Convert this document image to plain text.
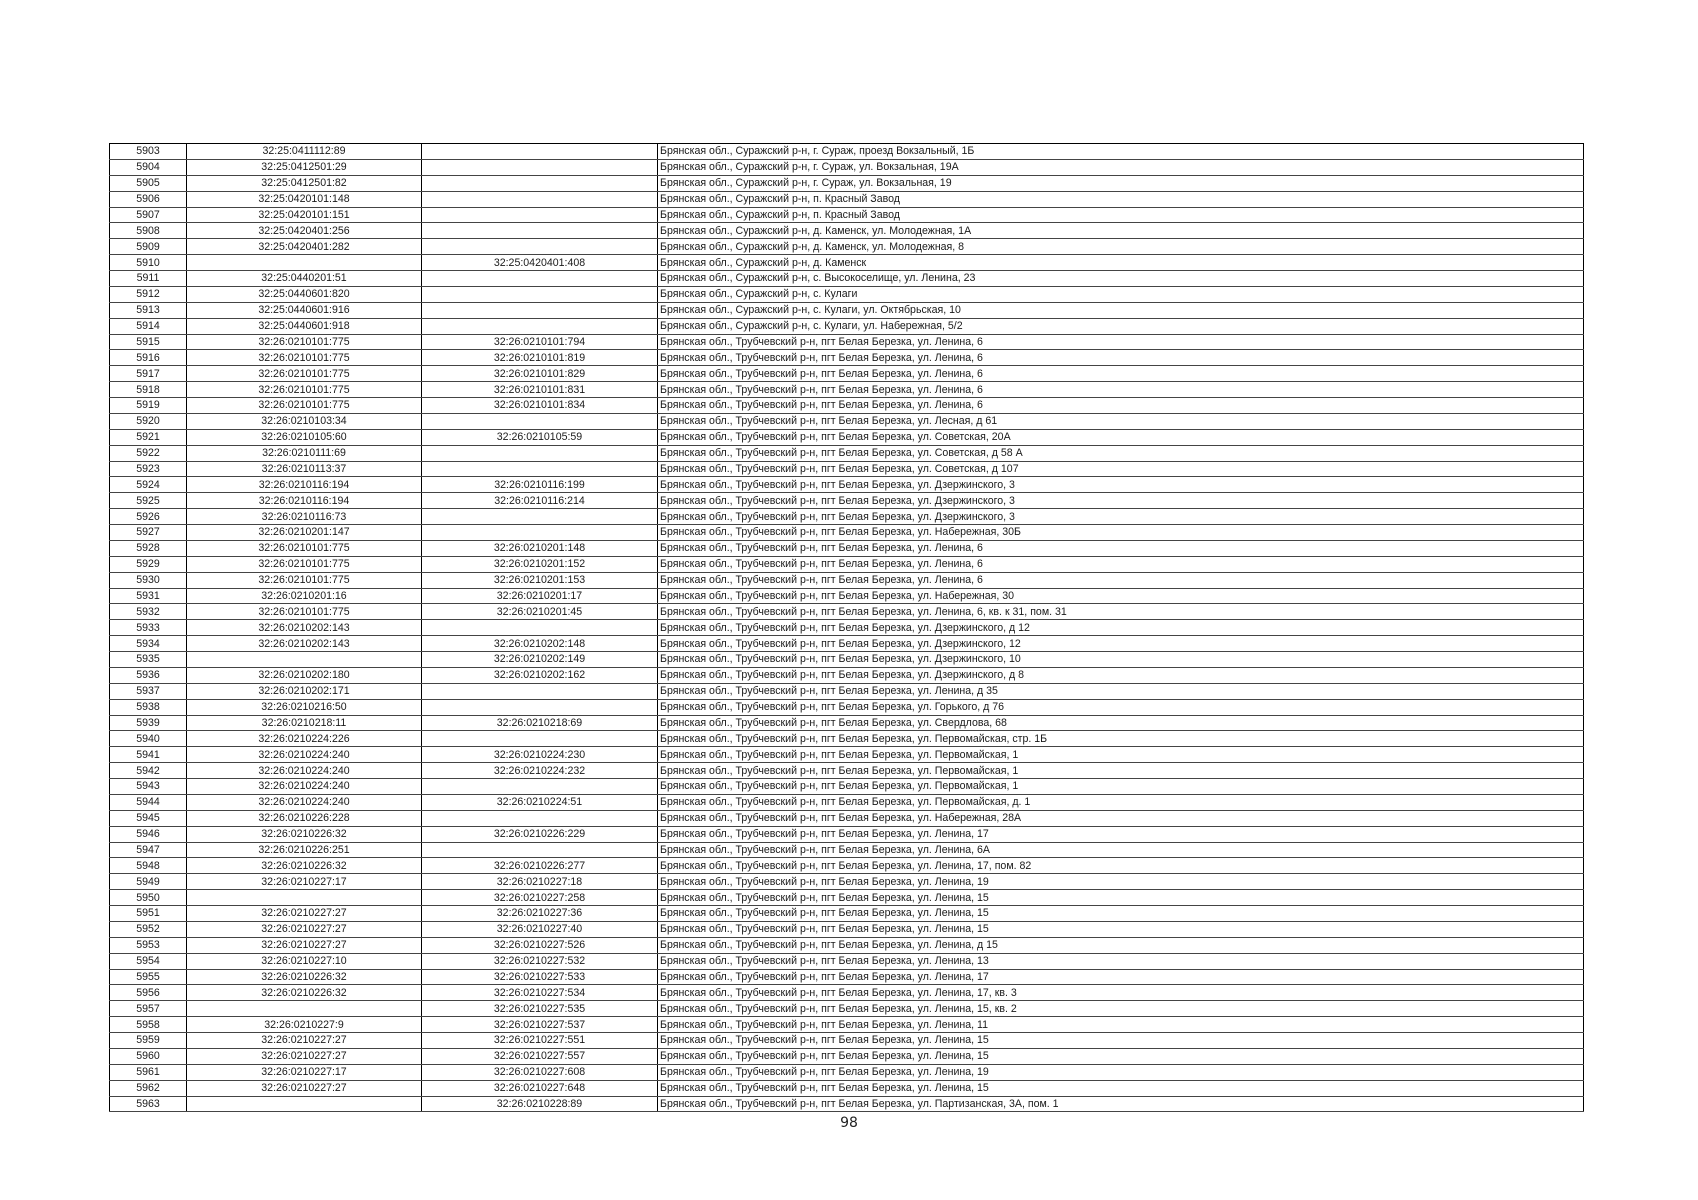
5903	32:25:0411112:89		Брянская обл., Суражский р-н, г. Сураж, проезд Вокзальный, 1Б
5904	32:25:0412501:29		Брянская обл., Суражский р-н, г. Сураж, ул. Вокзальная, 19А
5905	32:25:0412501:82		Брянская обл., Суражский р-н, г. Сураж, ул. Вокзальная, 19
5906	32:25:0420101:148		Брянская обл., Суражский р-н, п. Красный Завод
5907	32:25:0420101:151		Брянская обл., Суражский р-н, п. Красный Завод
5908	32:25:0420401:256		Брянская обл., Суражский р-н, д. Каменск, ул. Молодежная, 1А
5909	32:25:0420401:282		Брянская обл., Суражский р-н, д. Каменск, ул. Молодежная, 8
5910		32:25:0420401:408	Брянская обл., Суражский р-н, д. Каменск
5911	32:25:0440201:51		Брянская обл., Суражский р-н, с. Высокоселище, ул. Ленина, 23
5912	32:25:0440601:820		Брянская обл., Суражский р-н, с. Кулаги
5913	32:25:0440601:916		Брянская обл., Суражский р-н, с. Кулаги, ул. Октябрьская, 10
5914	32:25:0440601:918		Брянская обл., Суражский р-н, с. Кулаги, ул. Набережная, 5/2
5915	32:26:0210101:775	32:26:0210101:794	Брянская обл., Трубчевский р-н, пгт Белая Березка, ул. Ленина, 6
5916	32:26:0210101:775	32:26:0210101:819	Брянская обл., Трубчевский р-н, пгт Белая Березка, ул. Ленина, 6
5917	32:26:0210101:775	32:26:0210101:829	Брянская обл., Трубчевский р-н, пгт Белая Березка, ул. Ленина, 6
5918	32:26:0210101:775	32:26:0210101:831	Брянская обл., Трубчевский р-н, пгт Белая Березка, ул. Ленина, 6
5919	32:26:0210101:775	32:26:0210101:834	Брянская обл., Трубчевский р-н, пгт Белая Березка, ул. Ленина, 6
5920	32:26:0210103:34		Брянская обл., Трубчевский р-н, пгт Белая Березка, ул. Лесная, д 61
5921	32:26:0210105:60	32:26:0210105:59	Брянская обл., Трубчевский р-н, пгт Белая Березка, ул. Советская, 20А
5922	32:26:0210111:69		Брянская обл., Трубчевский р-н, пгт Белая Березка, ул. Советская, д 58 А
5923	32:26:0210113:37		Брянская обл., Трубчевский р-н, пгт Белая Березка, ул. Советская, д 107
5924	32:26:0210116:194	32:26:0210116:199	Брянская обл., Трубчевский р-н, пгт Белая Березка, ул. Дзержинского, 3
5925	32:26:0210116:194	32:26:0210116:214	Брянская обл., Трубчевский р-н, пгт Белая Березка, ул. Дзержинского, 3
5926	32:26:0210116:73		Брянская обл., Трубчевский р-н, пгт Белая Березка, ул. Дзержинского, 3
5927	32:26:0210201:147		Брянская обл., Трубчевский р-н, пгт Белая Березка, ул. Набережная, 30Б
5928	32:26:0210101:775	32:26:0210201:148	Брянская обл., Трубчевский р-н, пгт Белая Березка, ул. Ленина, 6
5929	32:26:0210101:775	32:26:0210201:152	Брянская обл., Трубчевский р-н, пгт Белая Березка, ул. Ленина, 6
5930	32:26:0210101:775	32:26:0210201:153	Брянская обл., Трубчевский р-н, пгт Белая Березка, ул. Ленина, 6
5931	32:26:0210201:16	32:26:0210201:17	Брянская обл., Трубчевский р-н, пгт Белая Березка, ул. Набережная, 30
5932	32:26:0210101:775	32:26:0210201:45	Брянская обл., Трубчевский р-н, пгт Белая Березка, ул. Ленина, 6, кв. к 31, пом. 31
5933	32:26:0210202:143		Брянская обл., Трубчевский р-н, пгт Белая Березка, ул. Дзержинского, д 12
5934	32:26:0210202:143	32:26:0210202:148	Брянская обл., Трубчевский р-н, пгт Белая Березка, ул. Дзержинского, 12
5935		32:26:0210202:149	Брянская обл., Трубчевский р-н, пгт Белая Березка, ул. Дзержинского, 10
5936	32:26:0210202:180	32:26:0210202:162	Брянская обл., Трубчевский р-н, пгт Белая Березка, ул. Дзержинского, д 8
5937	32:26:0210202:171		Брянская обл., Трубчевский р-н, пгт Белая Березка, ул. Ленина, д 35
5938	32:26:0210216:50		Брянская обл., Трубчевский р-н, пгт Белая Березка, ул. Горького, д 76
5939	32:26:0210218:11	32:26:0210218:69	Брянская обл., Трубчевский р-н, пгт Белая Березка, ул. Свердлова, 68
5940	32:26:0210224:226		Брянская обл., Трубчевский р-н, пгт Белая Березка, ул. Первомайская, стр. 1Б
5941	32:26:0210224:240	32:26:0210224:230	Брянская обл., Трубчевский р-н, пгт Белая Березка, ул. Первомайская, 1
5942	32:26:0210224:240	32:26:0210224:232	Брянская обл., Трубчевский р-н, пгт Белая Березка, ул. Первомайская, 1
5943	32:26:0210224:240		Брянская обл., Трубчевский р-н, пгт Белая Березка, ул. Первомайская, 1
5944	32:26:0210224:240	32:26:0210224:51	Брянская обл., Трубчевский р-н, пгт Белая Березка, ул. Первомайская, д. 1
5945	32:26:0210226:228		Брянская обл., Трубчевский р-н, пгт Белая Березка, ул. Набережная, 28А
5946	32:26:0210226:32	32:26:0210226:229	Брянская обл., Трубчевский р-н, пгт Белая Березка, ул. Ленина, 17
5947	32:26:0210226:251		Брянская обл., Трубчевский р-н, пгт Белая Березка, ул. Ленина, 6А
5948	32:26:0210226:32	32:26:0210226:277	Брянская обл., Трубчевский р-н, пгт Белая Березка, ул. Ленина, 17, пом. 82
5949	32:26:0210227:17	32:26:0210227:18	Брянская обл., Трубчевский р-н, пгт Белая Березка, ул. Ленина, 19
5950		32:26:0210227:258	Брянская обл., Трубчевский р-н, пгт Белая Березка, ул. Ленина, 15
5951	32:26:0210227:27	32:26:0210227:36	Брянская обл., Трубчевский р-н, пгт Белая Березка, ул. Ленина, 15
5952	32:26:0210227:27	32:26:0210227:40	Брянская обл., Трубчевский р-н, пгт Белая Березка, ул. Ленина, 15
5953	32:26:0210227:27	32:26:0210227:526	Брянская обл., Трубчевский р-н, пгт Белая Березка, ул. Ленина, д 15
5954	32:26:0210227:10	32:26:0210227:532	Брянская обл., Трубчевский р-н, пгт Белая Березка, ул. Ленина, 13
5955	32:26:0210226:32	32:26:0210227:533	Брянская обл., Трубчевский р-н, пгт Белая Березка, ул. Ленина, 17
5956	32:26:0210226:32	32:26:0210227:534	Брянская обл., Трубчевский р-н, пгт Белая Березка, ул. Ленина, 17, кв. 3
5957		32:26:0210227:535	Брянская обл., Трубчевский р-н, пгт Белая Березка, ул. Ленина, 15, кв. 2
5958	32:26:0210227:9	32:26:0210227:537	Брянская обл., Трубчевский р-н, пгт Белая Березка, ул. Ленина, 11
5959	32:26:0210227:27	32:26:0210227:551	Брянская обл., Трубчевский р-н, пгт Белая Березка, ул. Ленина, 15
5960	32:26:0210227:27	32:26:0210227:557	Брянская обл., Трубчевский р-н, пгт Белая Березка, ул. Ленина, 15
5961	32:26:0210227:17	32:26:0210227:608	Брянская обл., Трубчевский р-н, пгт Белая Березка, ул. Ленина, 19
5962	32:26:0210227:27	32:26:0210227:648	Брянская обл., Трубчевский р-н, пгт Белая Березка, ул. Ленина, 15
5963		32:26:0210228:89	Брянская обл., Трубчевский р-н, пгт Белая Березка, ул. Партизанская, 3А, пом. 1
98
